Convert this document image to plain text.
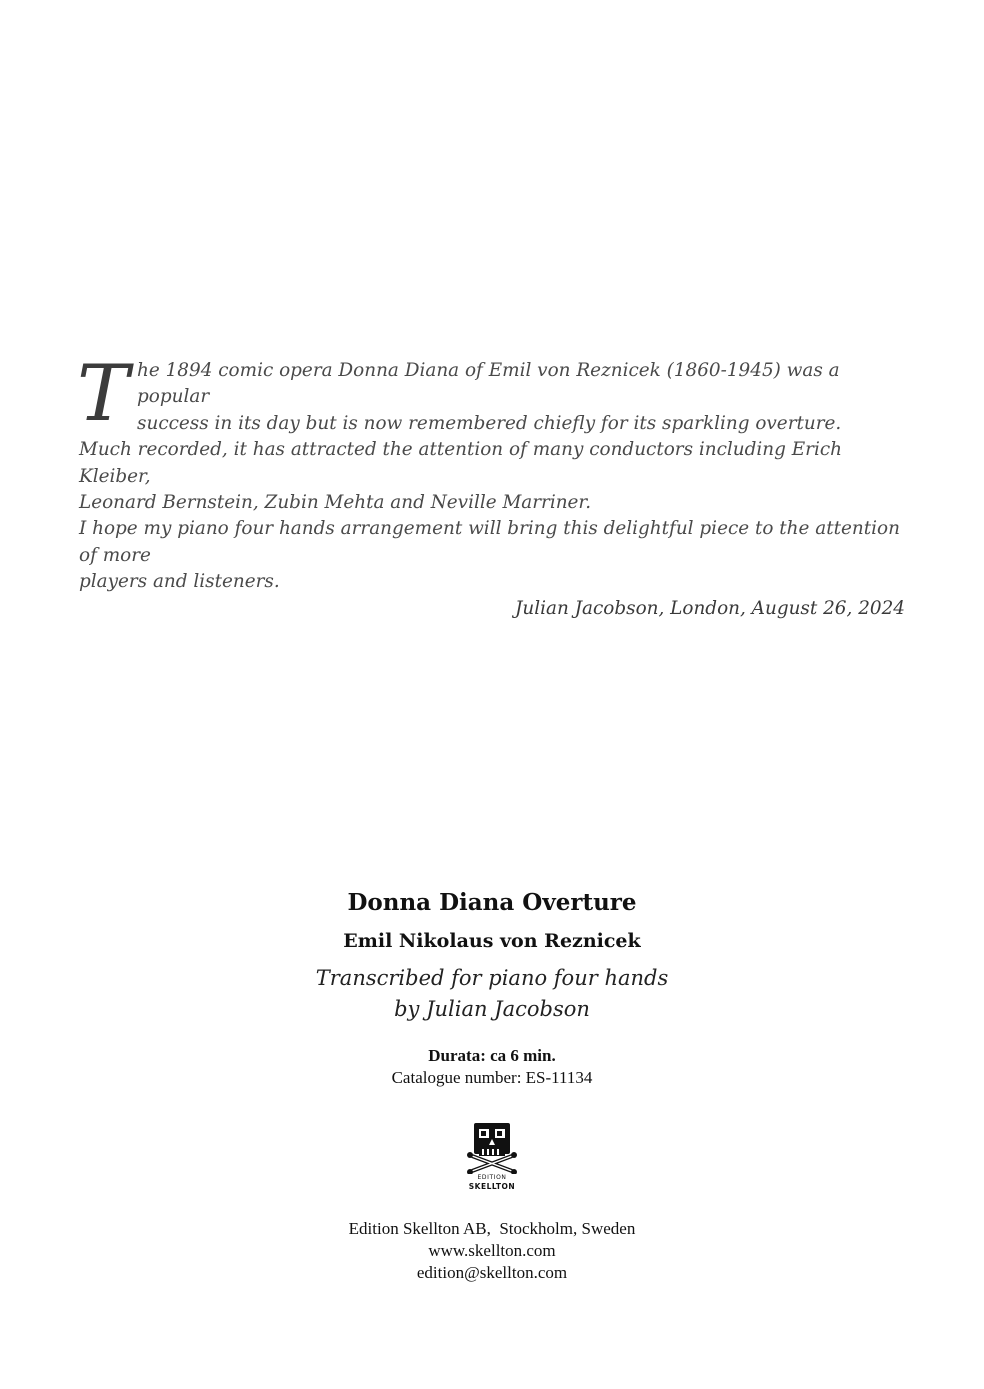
T he 1894 comic opera Donna Diana of Emil von Reznicek (1860-1945) was a popular
success in its day but is now remembered chiefly for its sparkling overture.
Much recorded, it has attracted the attention of many conductors including Erich Kleiber,
Leonard Bernstein, Zubin Mehta and Neville Marriner.
I hope my piano four hands arrangement will bring this delightful piece to the attention of more
players and listeners.
Julian Jacobson, London, August 26, 2024
Donna Diana Overture
Emil Nikolaus von Reznicek
Transcribed for piano four hands
by Julian Jacobson
Durata: ca 6 min.
Catalogue number: ES-11134
EDITION
SKELLTON
Edition Skellton AB,  Stockholm, Sweden
www.skellton.com
edition@skellton.com
